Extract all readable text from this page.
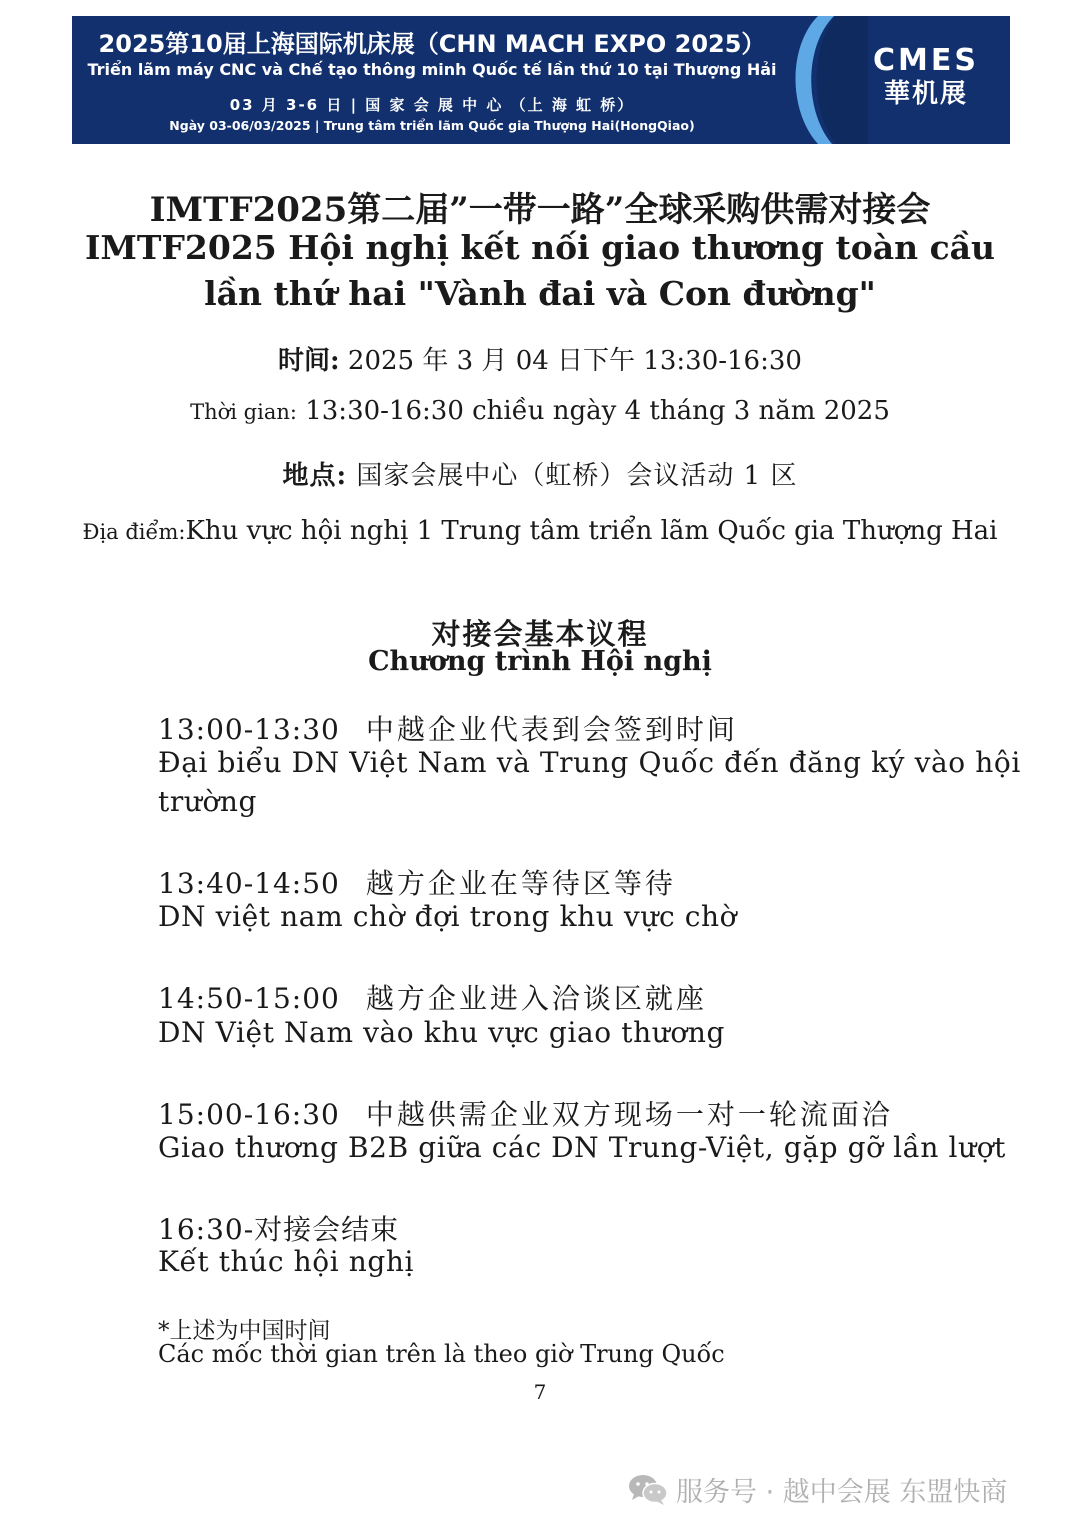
2025第10届上海国际机床展（CHN MACH EXPO 2025）
Triển lãm máy CNC và Chế tạo thông minh Quốc tế lần thứ 10 tại Thượng Hải
03 月 3-6 日 | 国 家 会 展 中 心 （上 海 虹 桥）
Ngày 03-06/03/2025 | Trung tâm triển lãm Quốc gia Thượng Hai(HongQiao)
CMES
華机展
IMTF2025第二届”一带一路”全球采购供需对接会
IMTF2025 Hội nghị kết nối giao thương toàn cầu
lần thứ hai "Vành đai và Con đường"
时间: 2025 年 3 月 04 日下午 13:30-16:30
Thời gian: 13:30-16:30 chiều ngày 4 tháng 3 năm 2025
地点: 国家会展中心（虹桥）会议活动 1 区
Địa điểm:Khu vực hội nghị 1 Trung tâm triển lãm Quốc gia Thượng Hai
对接会基本议程
Chương trình Hội nghị
13:00-13:30 中越企业代表到会签到时间
Đại biểu DN Việt Nam và Trung Quốc đến đăng ký vào hội
trường
13:40-14:50 越方企业在等待区等待
DN việt nam chờ đợi trong khu vực chờ
14:50-15:00 越方企业进入洽谈区就座
DN Việt Nam vào khu vực giao thương
15:00-16:30 中越供需企业双方现场一对一轮流面洽
Giao thương B2B giữa các DN Trung-Việt, gặp gỡ lần lượt
16:30-对接会结束
Kết thúc hội nghị
*上述为中国时间
Các mốc thời gian trên là theo giờ Trung Quốc
7
服务号 · 越中会展 东盟快商
